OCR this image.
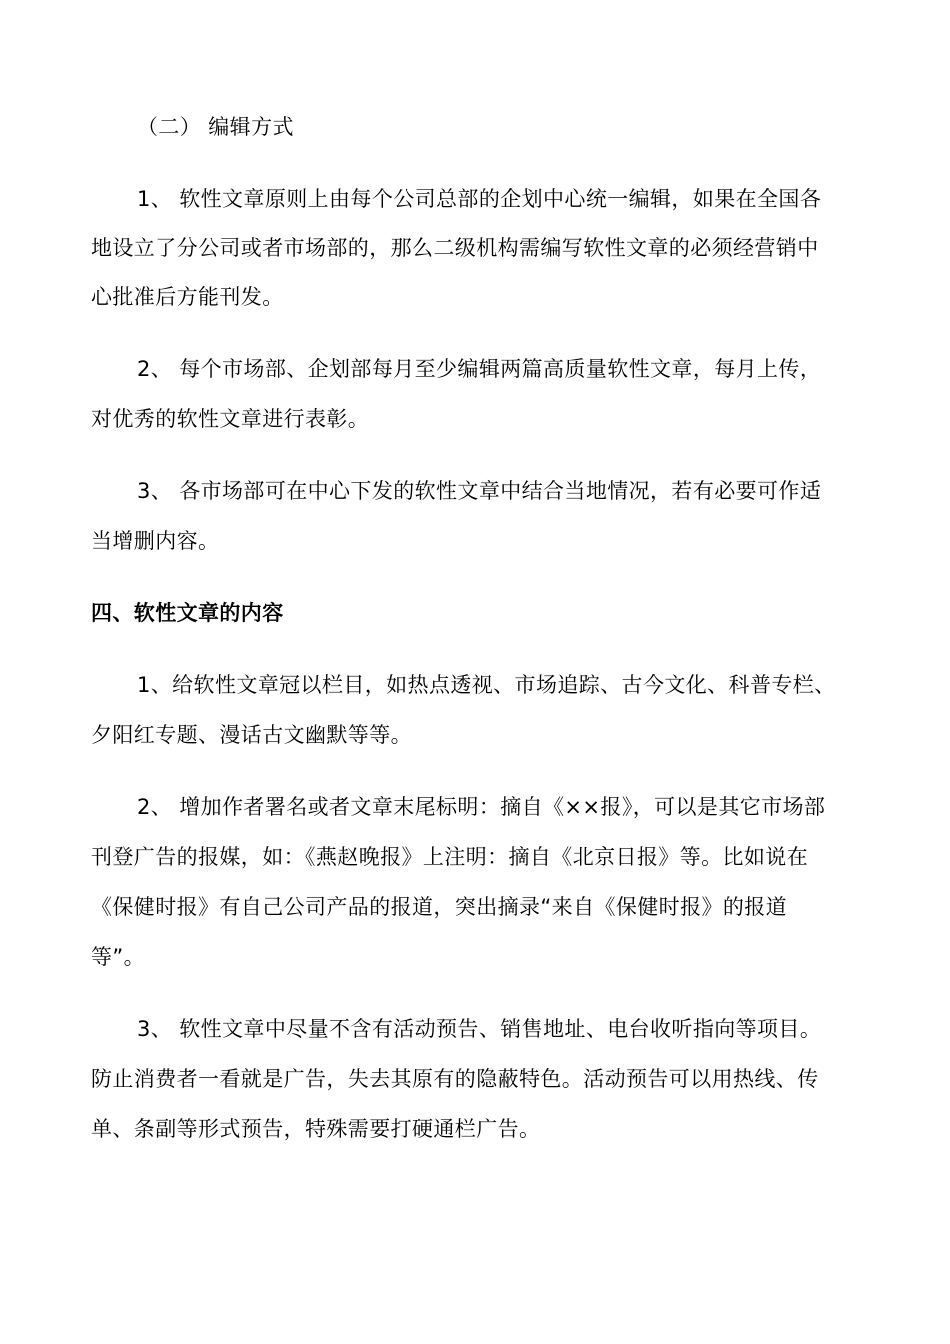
（二） 编辑方式
1、 软性文章原则上由每个公司总部的企划中心统一编辑，如果在全国各
地设立了分公司或者市场部的，那么二级机构需编写软性文章的必须经营销中
心批准后方能刊发。
2、 每个市场部、企划部每月至少编辑两篇高质量软性文章，每月上传，
对优秀的软性文章进行表彰。
3、 各市场部可在中心下发的软性文章中结合当地情况，若有必要可作适
当增删内容。
四、软性文章的内容
1、给软性文章冠以栏目，如热点透视、市场追踪、古今文化、科普专栏、
夕阳红专题、漫话古文幽默等等。
2、 增加作者署名或者文章末尾标明：摘自《××报》，可以是其它市场部
刊登广告的报媒，如：《燕赵晚报》上注明：摘自《北京日报》等。比如说在
《保健时报》有自己公司产品的报道，突出摘录“来自《保健时报》的报道
等”。
3、 软性文章中尽量不含有活动预告、销售地址、电台收听指向等项目。
防止消费者一看就是广告，失去其原有的隐蔽特色。活动预告可以用热线、传
单、条副等形式预告，特殊需要打硬通栏广告。
